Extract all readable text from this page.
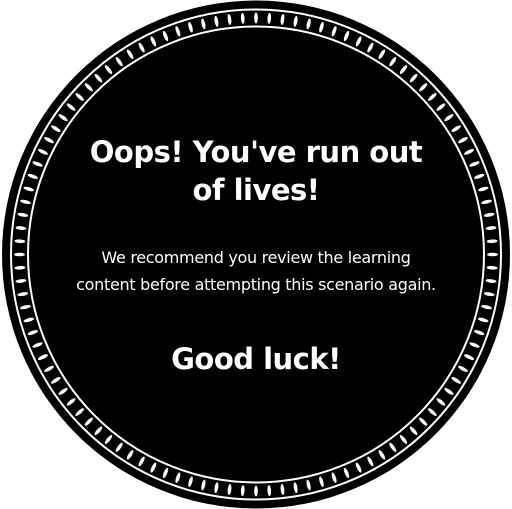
Oops! You've run out
of lives!

We recommend you review the learning
content before attempting this scenario again.

Good luck!
